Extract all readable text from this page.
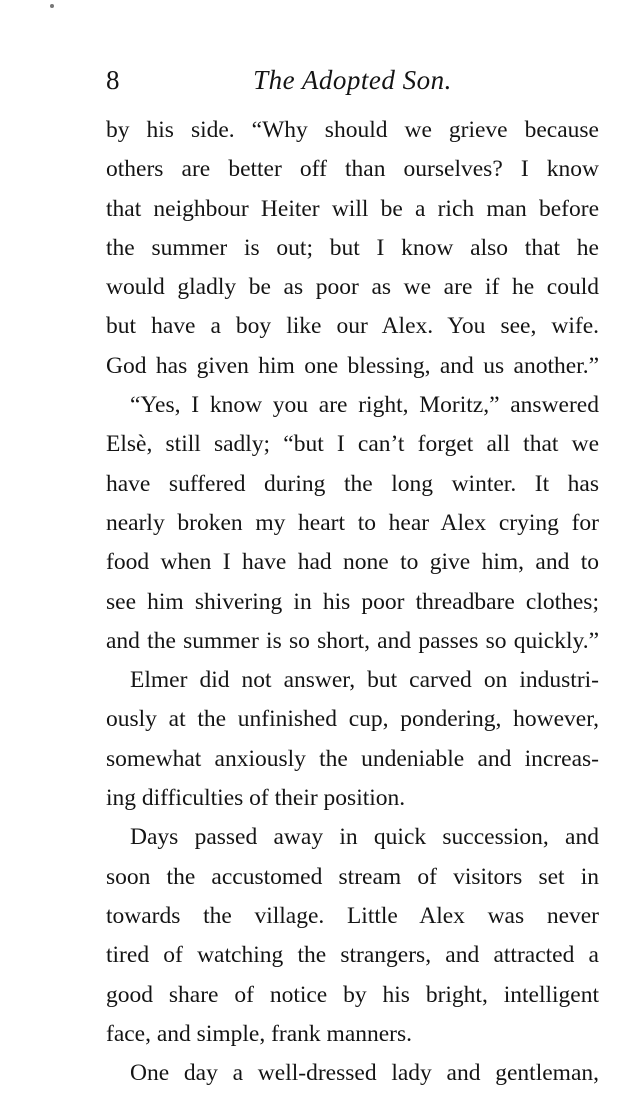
8	The Adopted Son.
by his side. “Why should we grieve because
others are better off than ourselves? I know
that neighbour Heiter will be a rich man before
the summer is out; but I know also that he
would gladly be as poor as we are if he could
but have a boy like our Alex. You see, wife.
God has given him one blessing, and us another.”
“Yes, I know you are right, Moritz,” answered
Elsè, still sadly; “but I can’t forget all that we
have suffered during the long winter. It has
nearly broken my heart to hear Alex crying for
food when I have had none to give him, and to
see him shivering in his poor threadbare clothes;
and the summer is so short, and passes so quickly.”
Elmer did not answer, but carved on industri-
ously at the unfinished cup, pondering, however,
somewhat anxiously the undeniable and increas-
ing difficulties of their position.
Days passed away in quick succession, and
soon the accustomed stream of visitors set in
towards the village. Little Alex was never
tired of watching the strangers, and attracted a
good share of notice by his bright, intelligent
face, and simple, frank manners.
One day a well-dressed lady and gentleman,
